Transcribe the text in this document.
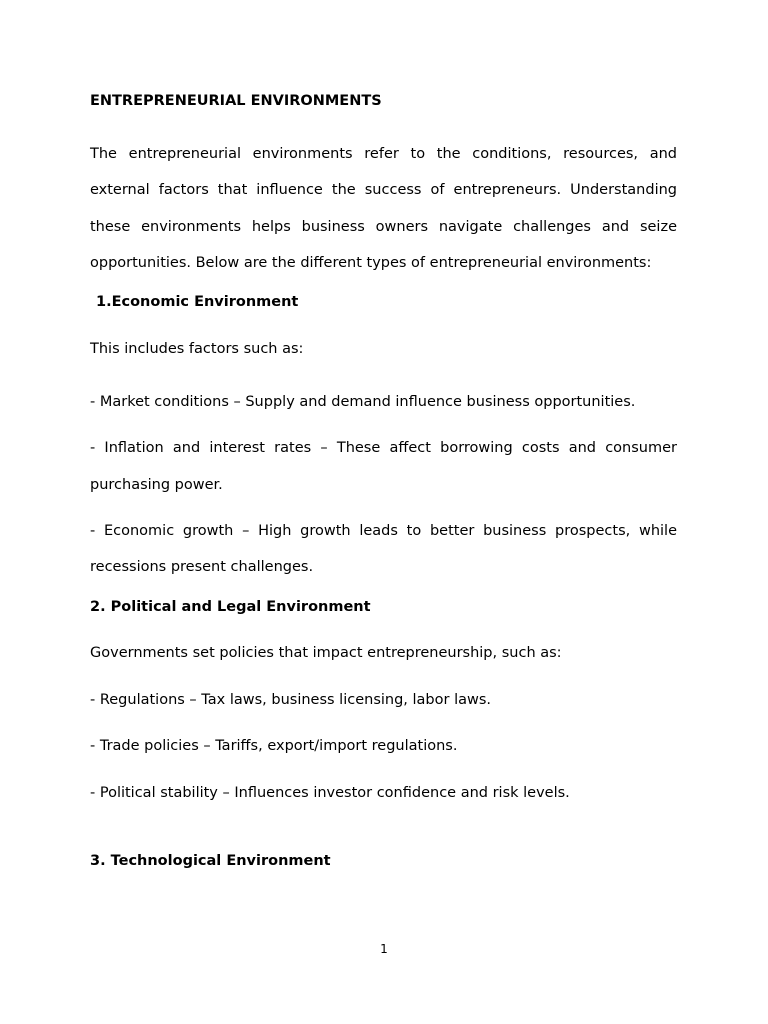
ENTREPRENEURIAL ENVIRONMENTS

The entrepreneurial environments refer to the conditions, resources, and external factors that influence the success of entrepreneurs. Understanding these environments helps business owners navigate challenges and seize opportunities. Below are the different types of entrepreneurial environments:

1.Economic Environment

This includes factors such as:

- Market conditions – Supply and demand influence business opportunities.

- Inflation and interest rates – These affect borrowing costs and consumer purchasing power.

- Economic growth – High growth leads to better business prospects, while recessions present challenges.

2. Political and Legal Environment

Governments set policies that impact entrepreneurship, such as:

- Regulations – Tax laws, business licensing, labor laws.

- Trade policies – Tariffs, export/import regulations.

- Political stability – Influences investor confidence and risk levels.

3. Technological Environment
1
